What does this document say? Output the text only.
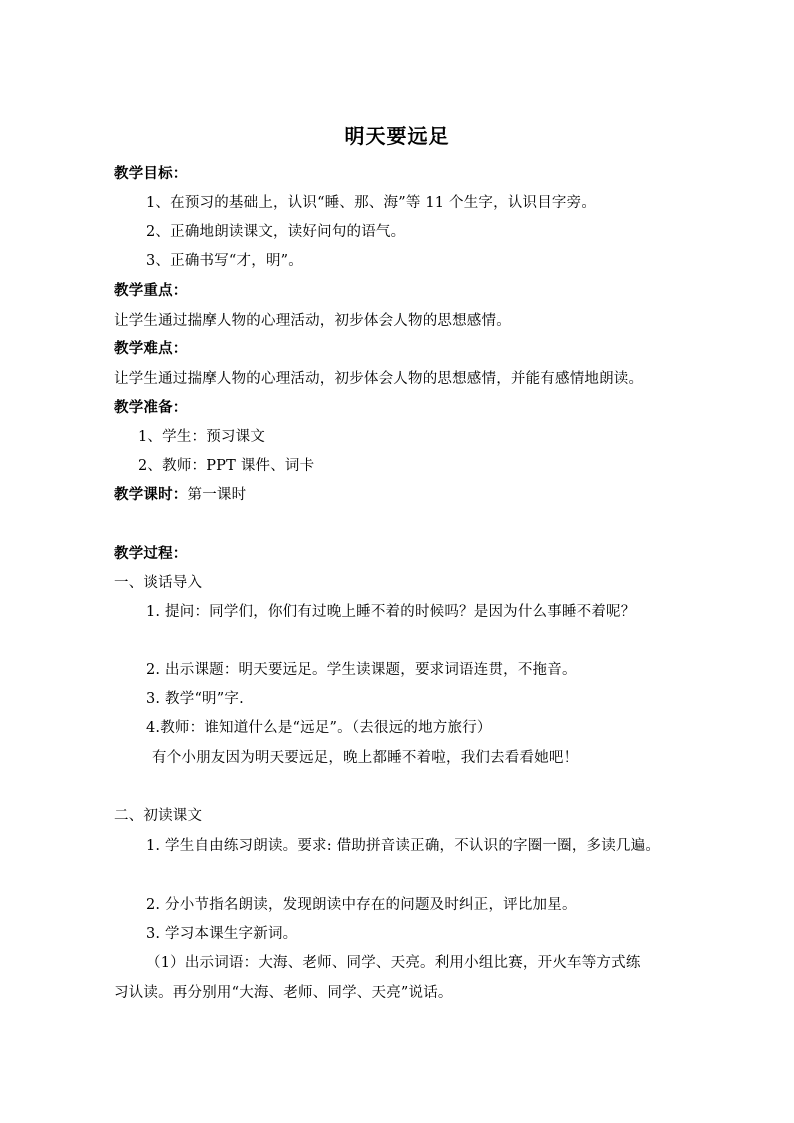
明天要远足
教学目标：
1、在预习的基础上，认识“睡、那、海”等 11 个生字，认识目字旁。
2、正确地朗读课文，读好问句的语气。
3、正确书写“才，明”。
教学重点：
让学生通过揣摩人物的心理活动，初步体会人物的思想感情。
教学难点：
让学生通过揣摩人物的心理活动，初步体会人物的思想感情，并能有感情地朗读。
教学准备：
1、学生：预习课文
2、教师：PPT 课件、词卡
教学课时：第一课时
教学过程：
一、谈话导入
1. 提问：同学们，你们有过晚上睡不着的时候吗？是因为什么事睡不着呢？
2. 出示课题：明天要远足。学生读课题，要求词语连贯，不拖音。
3. 教学“明”字.
4.教师：谁知道什么是“远足”。（去很远的地方旅行）
有个小朋友因为明天要远足，晚上都睡不着啦，我们去看看她吧！
二、初读课文
1. 学生自由练习朗读。要求: 借助拼音读正确，不认识的字圈一圈，多读几遍。
2. 分小节指名朗读，发现朗读中存在的问题及时纠正，评比加星。
3. 学习本课生字新词。
（1）出示词语：大海、老师、同学、天亮。利用小组比赛，开火车等方式练
习认读。再分别用“大海、老师、同学、天亮”说话。
